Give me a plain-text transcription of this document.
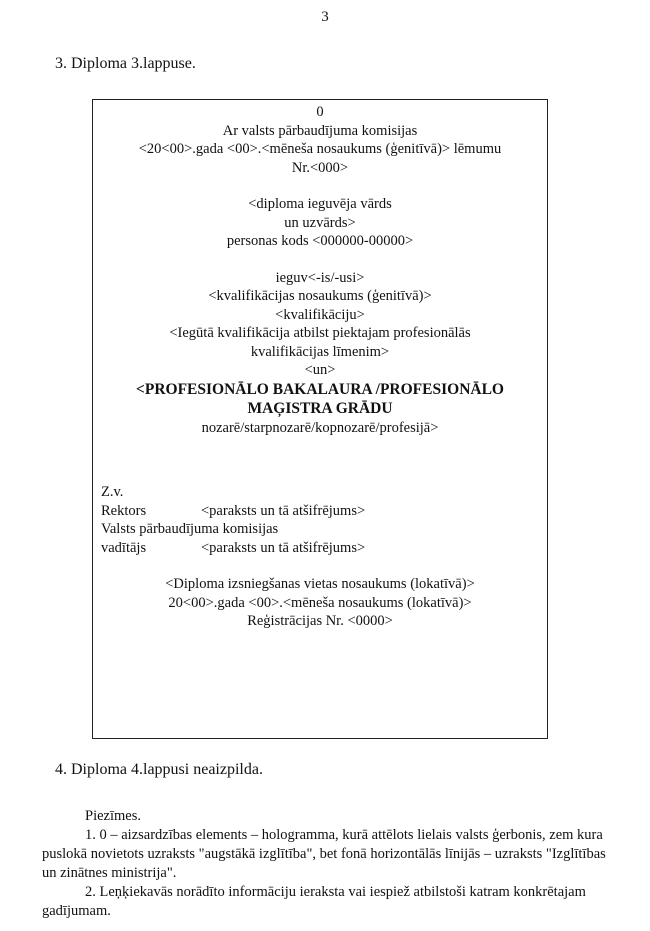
3
3. Diploma 3.lappuse.
0
Ar valsts pārbaudījuma komisijas
<20<00>.gada <00>.<mēneša nosaukums (ģenitīvā)> lēmumu
Nr.<000>
<diploma ieguvēja vārds
un uzvārds>
personas kods <000000-00000>
ieguv<-is/-usi>
<kvalifikācijas nosaukums (ģenitīvā)>
<kvalifikāciju>
<Iegūtā kvalifikācija atbilst piektajam profesionālās
kvalifikācijas līmenim>
<un>
<PROFESIONĀLO BAKALAURA /PROFESIONĀLO
MAĢISTRA GRĀDU
nozarē/starpnozarē/kopnozarē/profesijā>
Z.v.
Rektors	<paraksts un tā atšifrējums>
Valsts pārbaudījuma komisijas
vadītājs	<paraksts un tā atšifrējums>
<Diploma izsniegšanas vietas nosaukums (lokatīvā)>
20<00>.gada <00>.<mēneša nosaukums (lokatīvā)>
Reģistrācijas Nr. <0000>
4. Diploma 4.lappusi neaizpilda.

Piezīmes.

1. 0 – aizsardzības elements – hologramma, kurā attēlots lielais valsts ģerbonis, zem kura puslokā novietots uzraksts "augstākā izglītība", bet fonā horizontālās līnijās – uzraksts "Izglītības un zinātnes ministrija".

2. Leņķiekavās norādīto informāciju ieraksta vai iespiež atbilstoši katram konkrētajam gadījumam.
